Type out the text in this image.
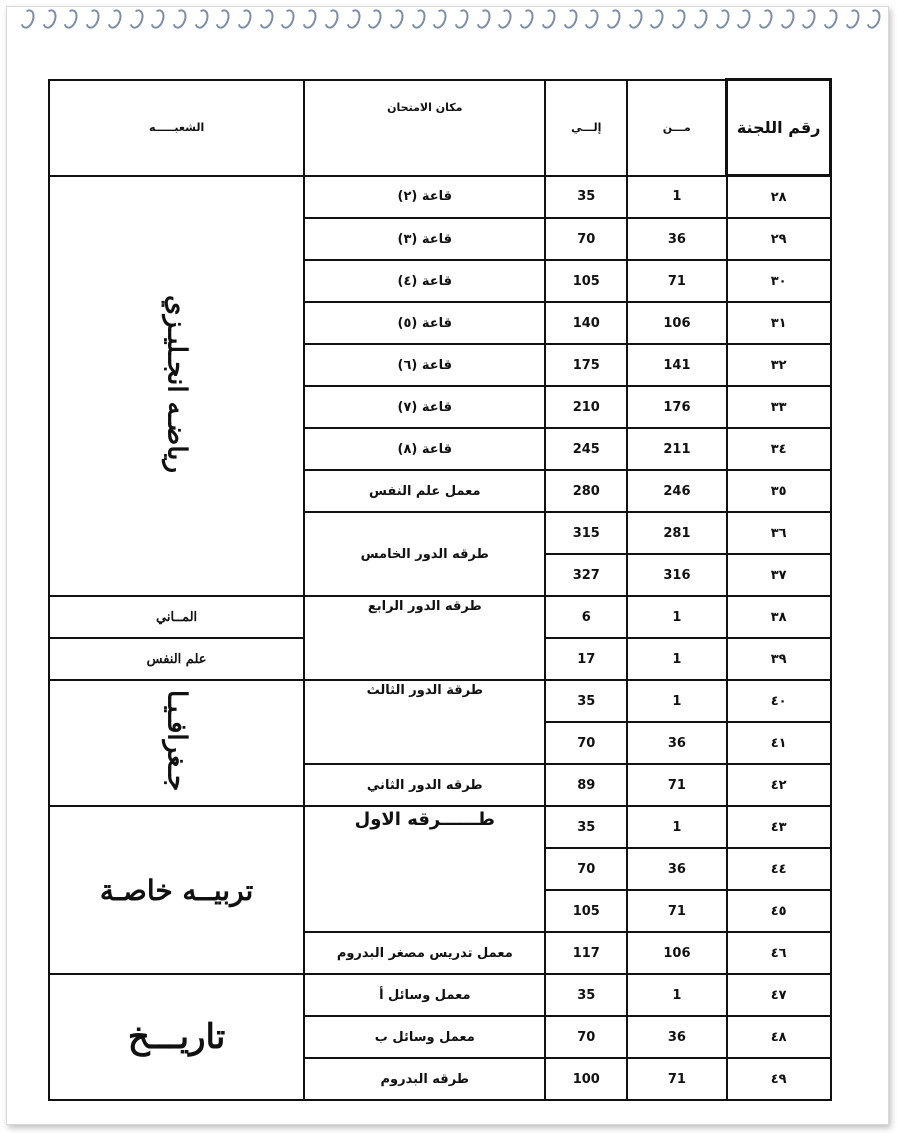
الشعبـــــه	مكان الامتحان	إلـــي	مـــن	رقم اللجنة
رياضـه انجـليـزي	قاعة (٢)	35	1	٢٨
	قاعة (٣)	70	36	٢٩
	قاعة (٤)	105	71	٣٠
	قاعة (٥)	140	106	٣١
	قاعة (٦)	175	141	٣٢
	قاعة (٧)	210	176	٣٣
	قاعة (٨)	245	211	٣٤
	معمل علم النفس	280	246	٣٥
	طرقه الدور الخامس	315	281	٣٦
		327	316	٣٧
المــاني	طرقه الدور الرابع	6	1	٣٨
علم النفس		17	1	٣٩
جـغرافـيـا	طرقة الدور الثالث	35	1	٤٠
		70	36	٤١
	طرقه الدور الثاني	89	71	٤٢
تربيــه خاصـة	طــــــرقه الاول	35	1	٤٣
		70	36	٤٤
		105	71	٤٥
	معمل تدريس مصغر البدروم	117	106	٤٦
تاريـــخ	معمل وسائل أ	35	1	٤٧
	معمل وسائل ب	70	36	٤٨
	طرقه البدروم	100	71	٤٩
